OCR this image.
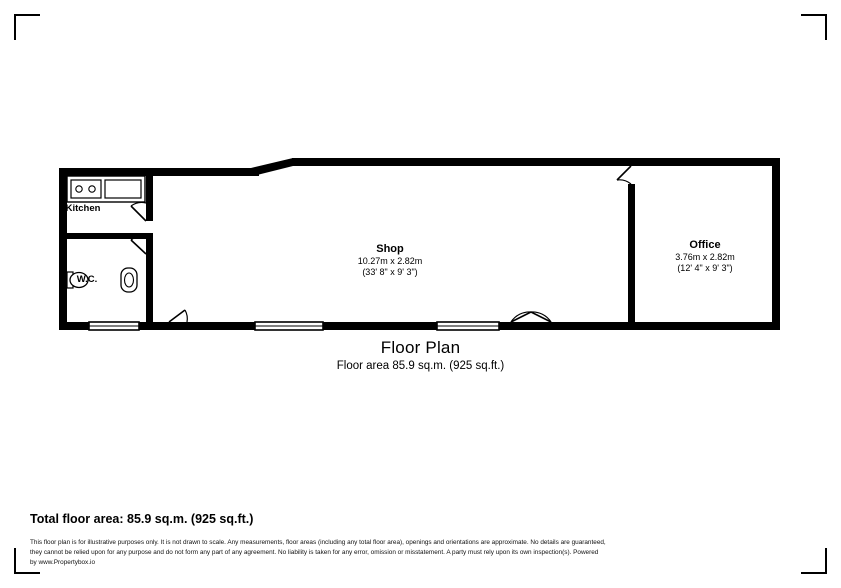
Kitchen
W.C.
Shop
10.27m x 2.82m
(33' 8" x 9' 3")
Office
3.76m x 2.82m
(12' 4" x 9' 3")
Floor Plan
Floor area 85.9 sq.m. (925 sq.ft.)
Total floor area: 85.9 sq.m. (925 sq.ft.)
This floor plan is for illustrative purposes only. It is not drawn to scale. Any measurements, floor areas (including any total floor area), openings and orientations are approximate. No details are guaranteed, they cannot be relied upon for any purpose and do not form any part of any agreement. No liability is taken for any error, omission or misstatement. A party must rely upon its own inspection(s). Powered by www.Propertybox.io
